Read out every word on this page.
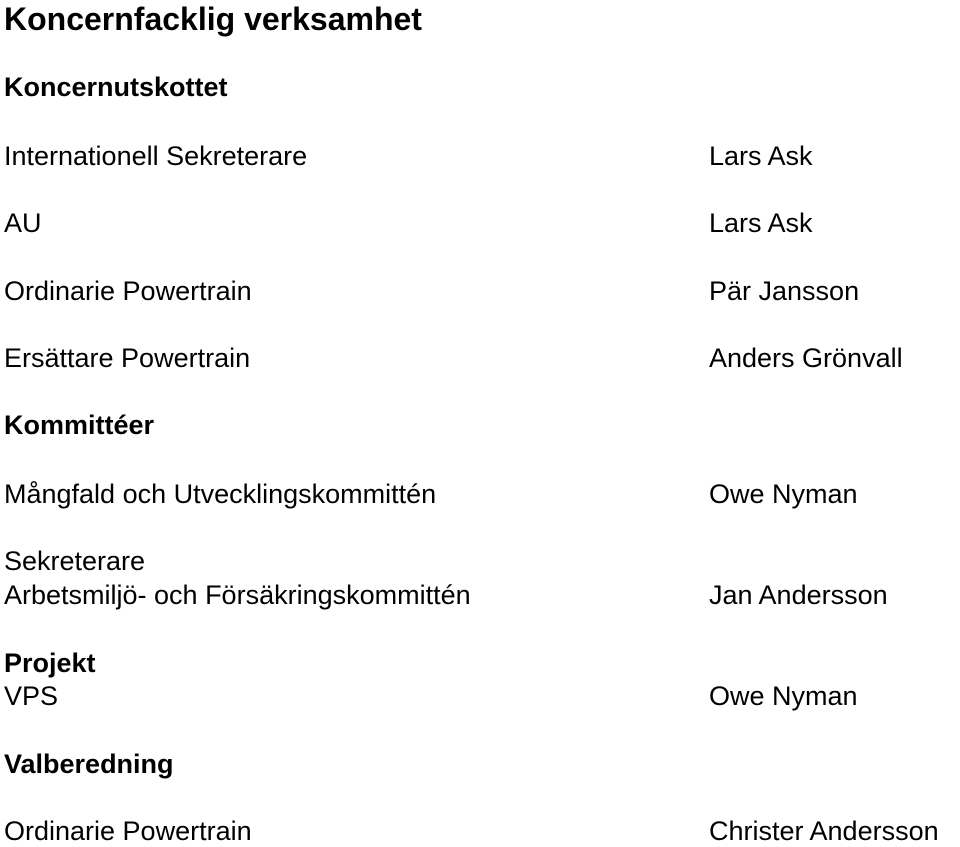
Koncernfacklig verksamhet
Koncernutskottet
Internationell Sekreterare	Lars Ask
AU	Lars Ask
Ordinarie Powertrain	Pär Jansson
Ersättare Powertrain	Anders Grönvall
Kommittéer
Mångfald och Utvecklingskommittén	Owe Nyman
Sekreterare
Arbetsmiljö- och Försäkringskommittén	Jan Andersson
Projekt
VPS	Owe Nyman
Valberedning
Ordinarie Powertrain	Christer Andersson
